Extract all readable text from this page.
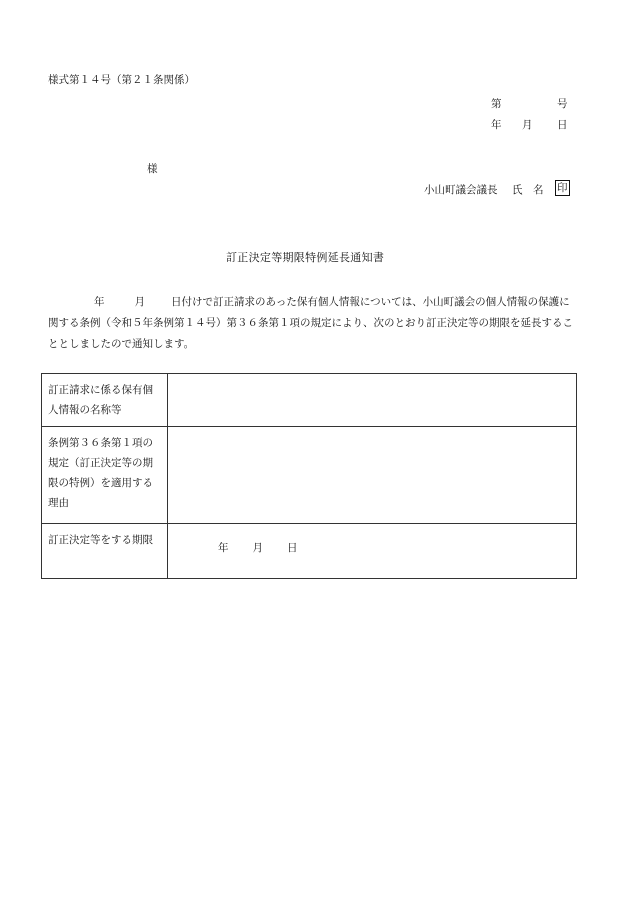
様式第１４号（第２１条関係）
第	号
年 月 日
様
小山町議会議長 氏　名 印
訂正決定等期限特例延長通知書
年	月 日付けで訂正請求のあった保有個人情報については、小山町議会の個人情報の保護に関する条例（令和５年条例第１４号）第３６条第１項の規定により、次のとおり訂正決定等の期限を延長することとしましたので通知します。
訂正請求に係る保有個人情報の名称等	
条例第３６条第１項の規定（訂正決定等の期限の特例）を適用する理由	
訂正決定等をする期限	年 月 日
